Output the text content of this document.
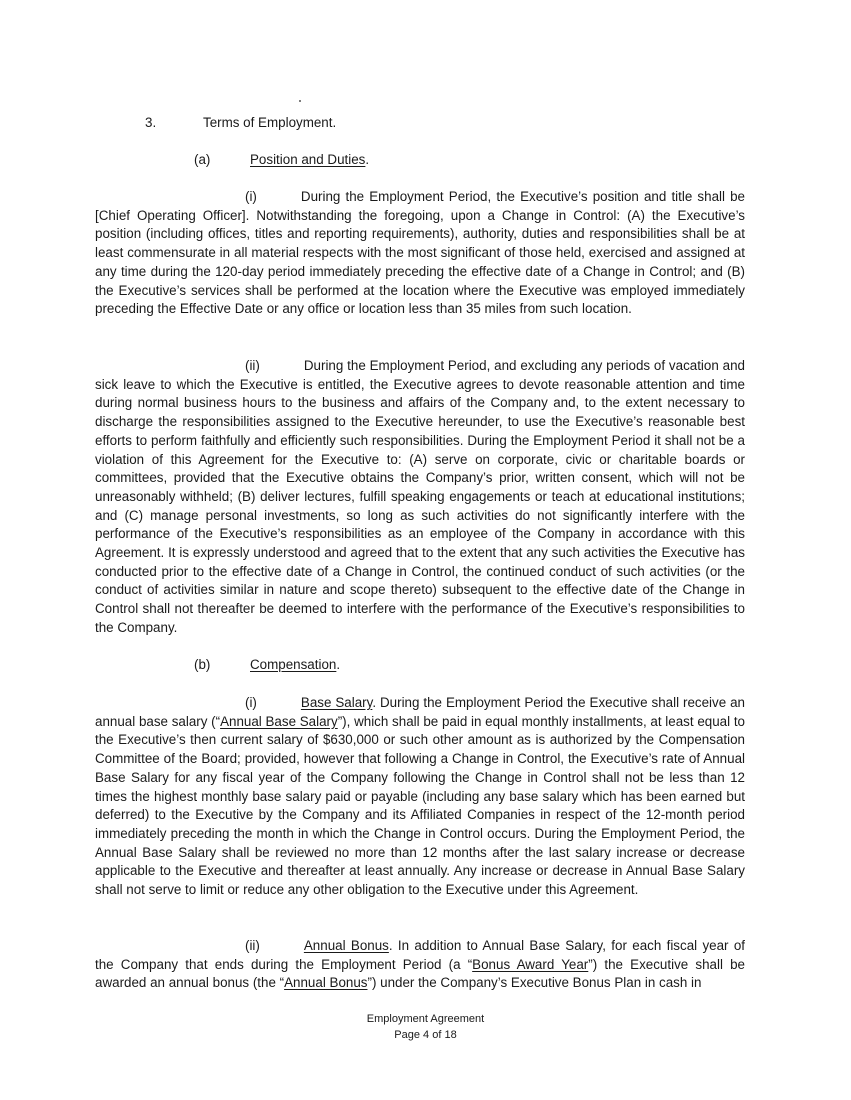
3.	Terms of Employment.
(a)	Position and Duties.

(i)	During the Employment Period, the Executive’s position and title shall be [Chief Operating Officer]. Notwithstanding the foregoing, upon a Change in Control: (A) the Executive’s position (including offices, titles and reporting requirements), authority, duties and responsibilities shall be at least commensurate in all material respects with the most significant of those held, exercised and assigned at any time during the 120-day period immediately preceding the effective date of a Change in Control; and (B) the Executive’s services shall be performed at the location where the Executive was employed immediately preceding the Effective Date or any office or location less than 35 miles from such location.

(ii)	During the Employment Period, and excluding any periods of vacation and sick leave to which the Executive is entitled, the Executive agrees to devote reasonable attention and time during normal business hours to the business and affairs of the Company and, to the extent necessary to discharge the responsibilities assigned to the Executive hereunder, to use the Executive’s reasonable best efforts to perform faithfully and efficiently such responsibilities. During the Employment Period it shall not be a violation of this Agreement for the Executive to: (A) serve on corporate, civic or charitable boards or committees, provided that the Executive obtains the Company’s prior, written consent, which will not be unreasonably withheld; (B) deliver lectures, fulfill speaking engagements or teach at educational institutions; and (C) manage personal investments, so long as such activities do not significantly interfere with the performance of the Executive’s responsibilities as an employee of the Company in accordance with this Agreement. It is expressly understood and agreed that to the extent that any such activities the Executive has conducted prior to the effective date of a Change in Control, the continued conduct of such activities (or the conduct of activities similar in nature and scope thereto) subsequent to the effective date of the Change in Control shall not thereafter be deemed to interfere with the performance of the Executive’s responsibilities to the Company.

(b)	Compensation.

(i)	Base Salary. During the Employment Period the Executive shall receive an annual base salary (“Annual Base Salary”), which shall be paid in equal monthly installments, at least equal to the Executive’s then current salary of $630,000 or such other amount as is authorized by the Compensation Committee of the Board; provided, however that following a Change in Control, the Executive’s rate of Annual Base Salary for any fiscal year of the Company following the Change in Control shall not be less than 12 times the highest monthly base salary paid or payable (including any base salary which has been earned but deferred) to the Executive by the Company and its Affiliated Companies in respect of the 12-month period immediately preceding the month in which the Change in Control occurs. During the Employment Period, the Annual Base Salary shall be reviewed no more than 12 months after the last salary increase or decrease applicable to the Executive and thereafter at least annually. Any increase or decrease in Annual Base Salary shall not serve to limit or reduce any other obligation to the Executive under this Agreement.

(ii)	Annual Bonus. In addition to Annual Base Salary, for each fiscal year of the Company that ends during the Employment Period (a “Bonus Award Year”) the Executive shall be awarded an annual bonus (the “Annual Bonus”) under the Company’s Executive Bonus Plan in cash in

Employment Agreement
Page 4 of 18
